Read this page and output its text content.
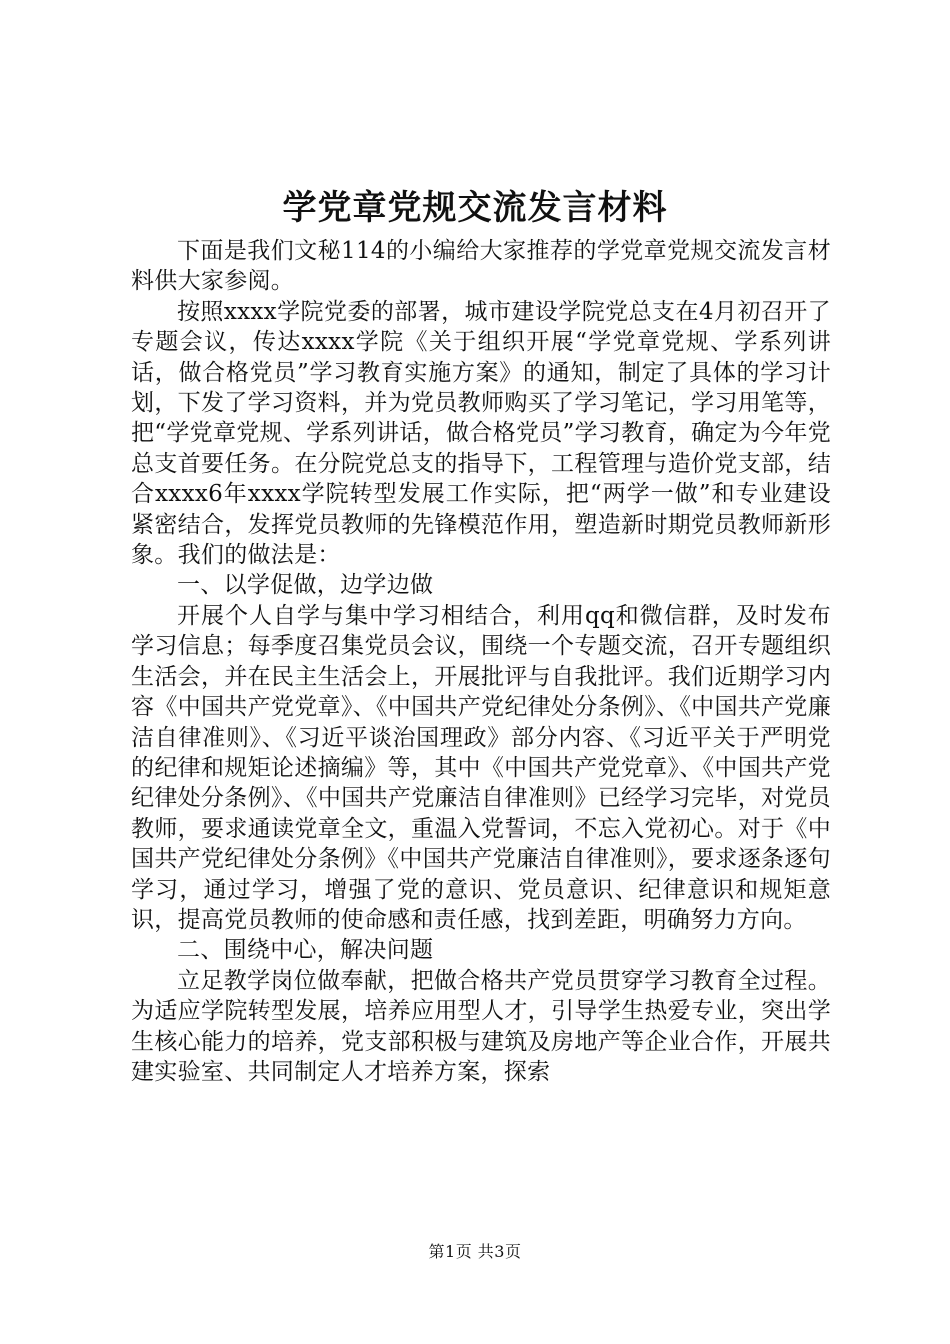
学党章党规交流发言材料

下面是我们文秘114的小编给大家推荐的学党章党规交流发言材料供大家参阅。

按照xxxx学院党委的部署，城市建设学院党总支在4月初召开了专题会议，传达xxxx学院《关于组织开展“学党章党规、学系列讲话，做合格党员”学习教育实施方案》的通知，制定了具体的学习计划，下发了学习资料，并为党员教师购买了学习笔记，学习用笔等，把“学党章党规、学系列讲话，做合格党员”学习教育，确定为今年党总支首要任务。在分院党总支的指导下，工程管理与造价党支部，结合xxxx6年xxxx学院转型发展工作实际，把“两学一做”和专业建设紧密结合，发挥党员教师的先锋模范作用，塑造新时期党员教师新形象。我们的做法是：

一、以学促做，边学边做

开展个人自学与集中学习相结合，利用qq和微信群，及时发布学习信息；每季度召集党员会议，围绕一个专题交流，召开专题组织生活会，并在民主生活会上，开展批评与自我批评。我们近期学习内容《中国共产党党章》、《中国共产党纪律处分条例》、《中国共产党廉洁自律准则》、《习近平谈治国理政》部分内容、《习近平关于严明党的纪律和规矩论述摘编》等，其中《中国共产党党章》、《中国共产党纪律处分条例》、《中国共产党廉洁自律准则》已经学习完毕，对党员教师，要求通读党章全文，重温入党誓词，不忘入党初心。对于《中国共产党纪律处分条例》《中国共产党廉洁自律准则》，要求逐条逐句学习，通过学习，增强了党的意识、党员意识、纪律意识和规矩意识，提高党员教师的使命感和责任感，找到差距，明确努力方向。

二、围绕中心，解决问题

立足教学岗位做奉献，把做合格共产党员贯穿学习教育全过程。为适应学院转型发展，培养应用型人才，引导学生热爱专业，突出学生核心能力的培养，党支部积极与建筑及房地产等企业合作，开展共建实验室、共同制定人才培养方案，探索

第1页 共3页
